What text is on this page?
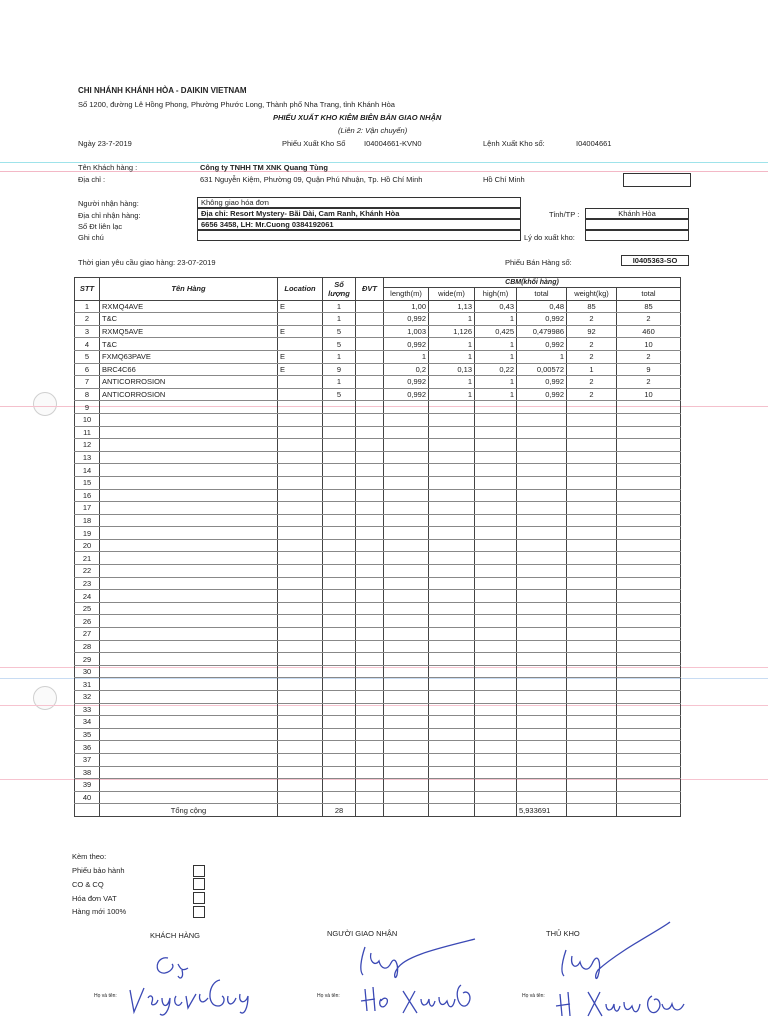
CHI NHÁNH KHÁNH HÒA - DAIKIN VIETNAM
Số 1200, đường Lê Hồng Phong, Phường Phước Long, Thành phố Nha Trang, tỉnh Khánh Hòa
PHIẾU XUẤT KHO KIÊM BIÊN BẢN GIAO NHẬN
(Liên 2: Vận chuyển)
Ngày 23-7-2019	Phiếu Xuất Kho Số I04004661-KVN0	Lệnh Xuất Kho số:	I04004661
Tên Khách hàng :	Công ty TNHH TM XNK Quang Tùng
Địa chỉ :	631 Nguyễn Kiệm, Phường 09, Quận Phú Nhuận, Tp. Hồ Chí Minh	Hồ Chí Minh
Người nhận hàng:	Không giao hóa đơn
Địa chỉ nhận hàng:	Địa chỉ: Resort Mystery- Bãi Dài, Cam Ranh, Khánh Hòa
Số Đt liên lạc	6656 3458, LH: Mr.Cuong 0384192061
Ghi chú
Tỉnh/TP :	Khánh Hòa
Lý do xuất kho:
Thời gian yêu cầu giao hàng: 23-07-2019	Phiếu Bán Hàng số:	I0405363-SO
STT	Tên Hàng	Location	Số lượng	ĐVT	CBM(khối hàng)					
					length(m)	wide(m)	high(m)	total	weight(kg)	total
1	RXMQ4AVE	E	1		1,00	1,13	0,43	0,48	85	85
2	T&C		1		0,992	1	1	0,992	2	2
3	RXMQ5AVE	E	5		1,003	1,126	0,425	0,479986	92	460
4	T&C		5		0,992	1	1	0,992	2	10
5	FXMQ63PAVE	E	1		1	1	1	1	2	2
6	BRC4C66	E	9		0,2	0,13	0,22	0,00572	1	9
7	ANTICORROSION		1		0,992	1	1	0,992	2	2
8	ANTICORROSION		5		0,992	1	1	0,992	2	10
9										
10										
11										
12										
13										
14										
15										
16										
17										
18										
19										
20										
21										
22										
23										
24										
25										
26										
27										
28										
29										
30										
31										
32										
33										
34										
35										
36										
37										
38										
39										
40										
	Tổng cộng		28					5,933691		
Kèm theo:
Phiếu bảo hành
CO & CQ
Hóa đơn VAT
Hàng mới 100%
KHÁCH HÀNG	NGƯỜI GIAO NHẬN	THỦ KHO
Họ và tên:	Họ và tên:	Họ và tên:
